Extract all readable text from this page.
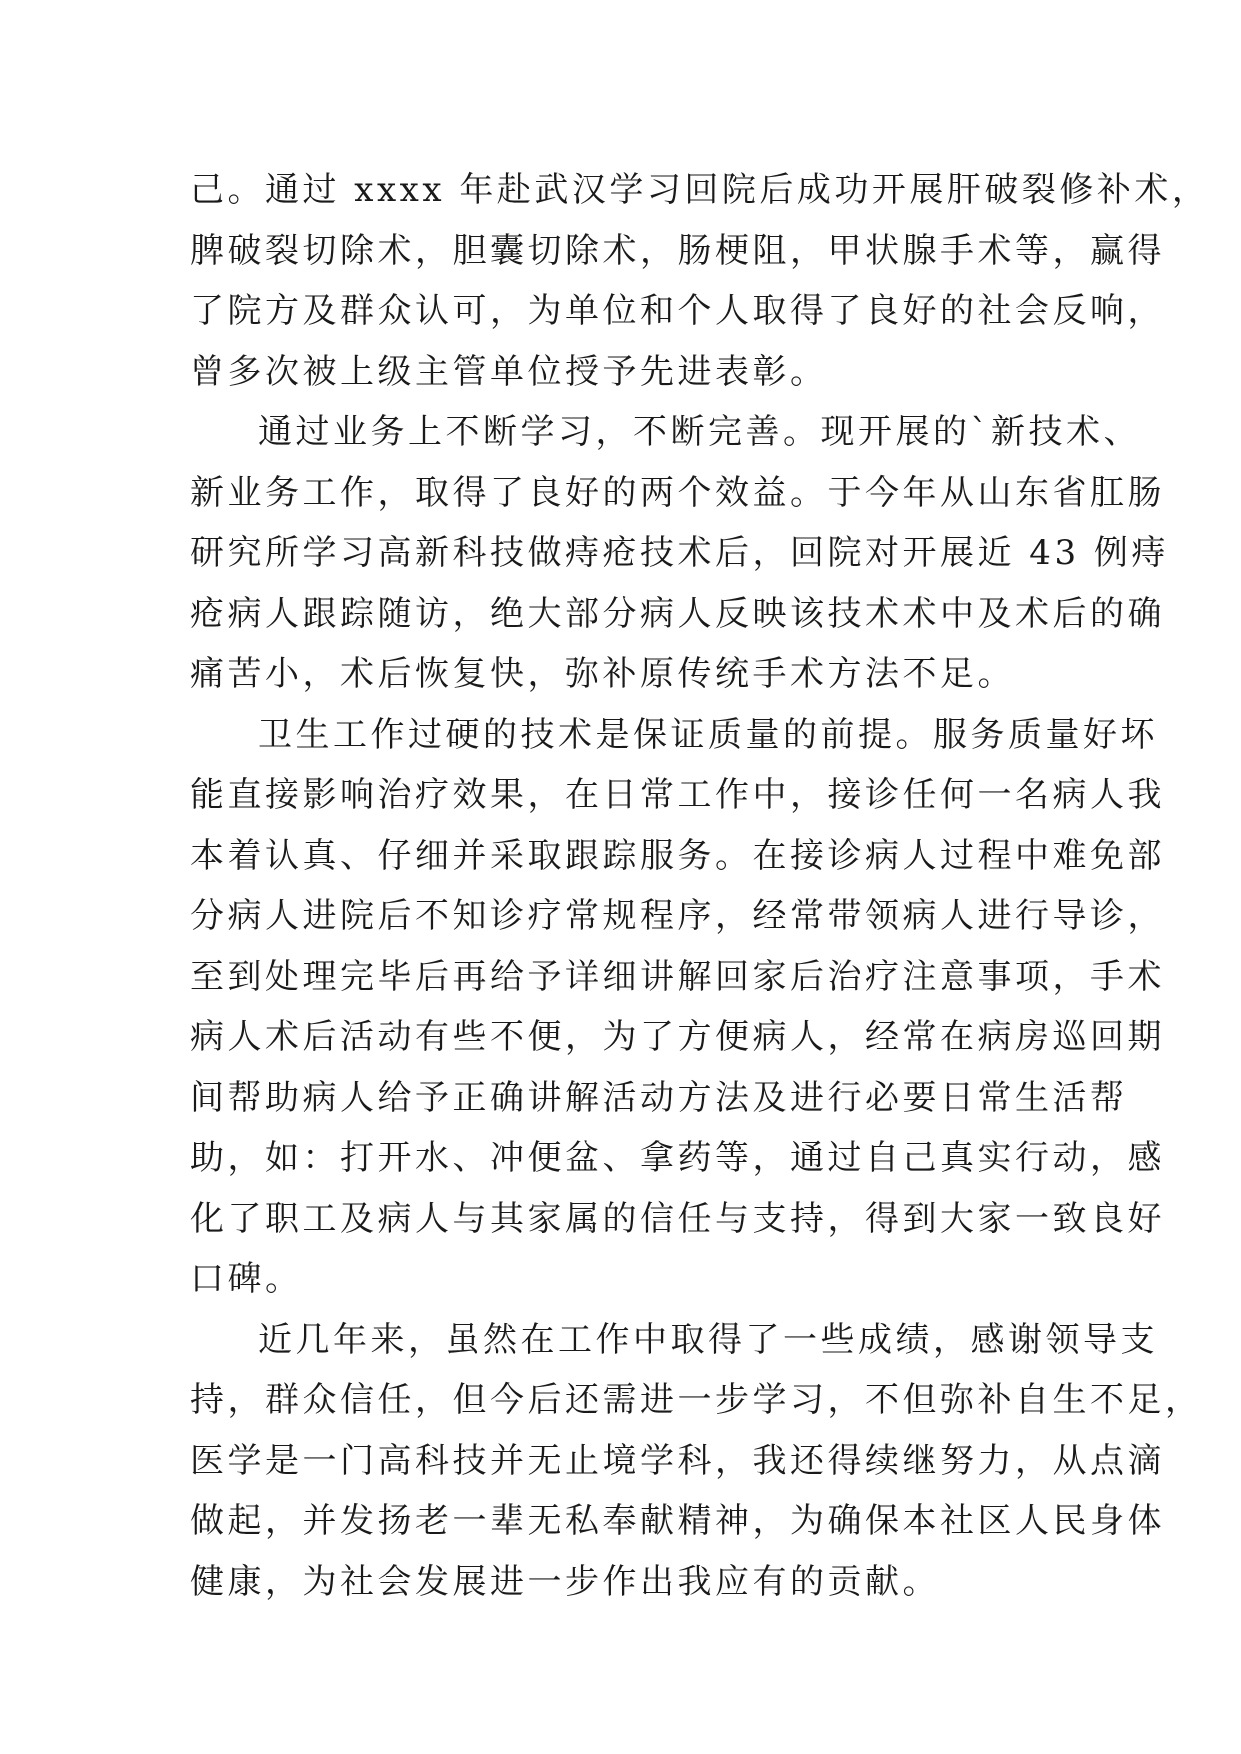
己。通过 xxxx 年赴武汉学习回院后成功开展肝破裂修补术，
脾破裂切除术，胆囊切除术，肠梗阻，甲状腺手术等，赢得
了院方及群众认可，为单位和个人取得了良好的社会反响，
曾多次被上级主管单位授予先进表彰。
通过业务上不断学习，不断完善。现开展的`新技术、
新业务工作，取得了良好的两个效益。于今年从山东省肛肠
研究所学习高新科技做痔疮技术后，回院对开展近 43 例痔
疮病人跟踪随访，绝大部分病人反映该技术术中及术后的确
痛苦小，术后恢复快，弥补原传统手术方法不足。
卫生工作过硬的技术是保证质量的前提。服务质量好坏
能直接影响治疗效果，在日常工作中，接诊任何一名病人我
本着认真、仔细并采取跟踪服务。在接诊病人过程中难免部
分病人进院后不知诊疗常规程序，经常带领病人进行导诊，
至到处理完毕后再给予详细讲解回家后治疗注意事项，手术
病人术后活动有些不便，为了方便病人，经常在病房巡回期
间帮助病人给予正确讲解活动方法及进行必要日常生活帮
助，如：打开水、冲便盆、拿药等，通过自己真实行动，感
化了职工及病人与其家属的信任与支持，得到大家一致良好
口碑。
近几年来，虽然在工作中取得了一些成绩，感谢领导支
持，群众信任，但今后还需进一步学习，不但弥补自生不足，
医学是一门高科技并无止境学科，我还得续继努力，从点滴
做起，并发扬老一辈无私奉献精神，为确保本社区人民身体
健康，为社会发展进一步作出我应有的贡献。
